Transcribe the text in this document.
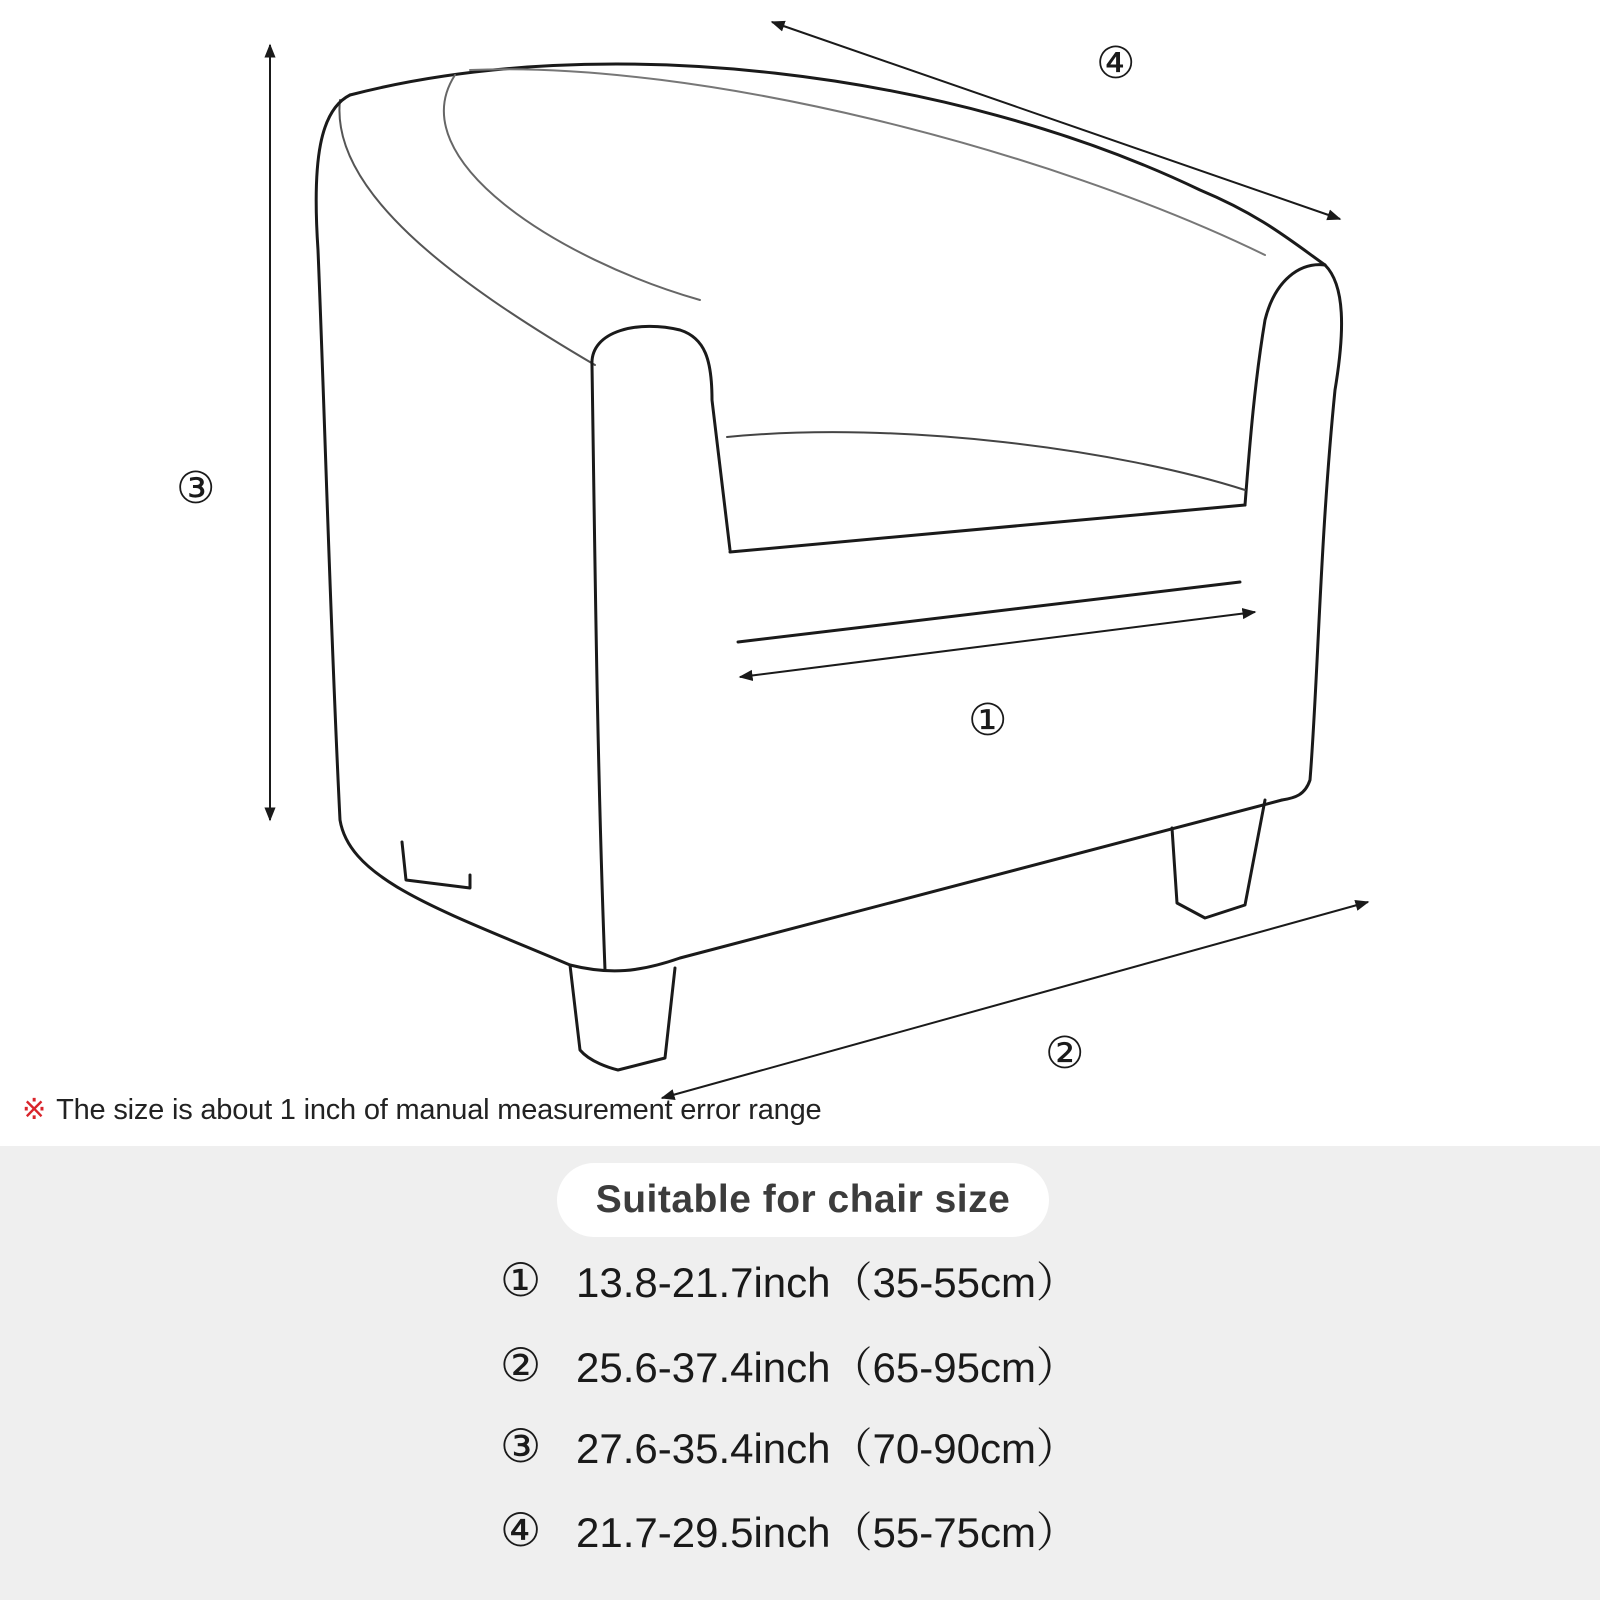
①
②
③
④
※ The size is about 1 inch of manual measurement error range
Suitable for chair size
① 13.8-21.7inch（35-55cm）
② 25.6-37.4inch（65-95cm）
③ 27.6-35.4inch（70-90cm）
④ 21.7-29.5inch（55-75cm）
